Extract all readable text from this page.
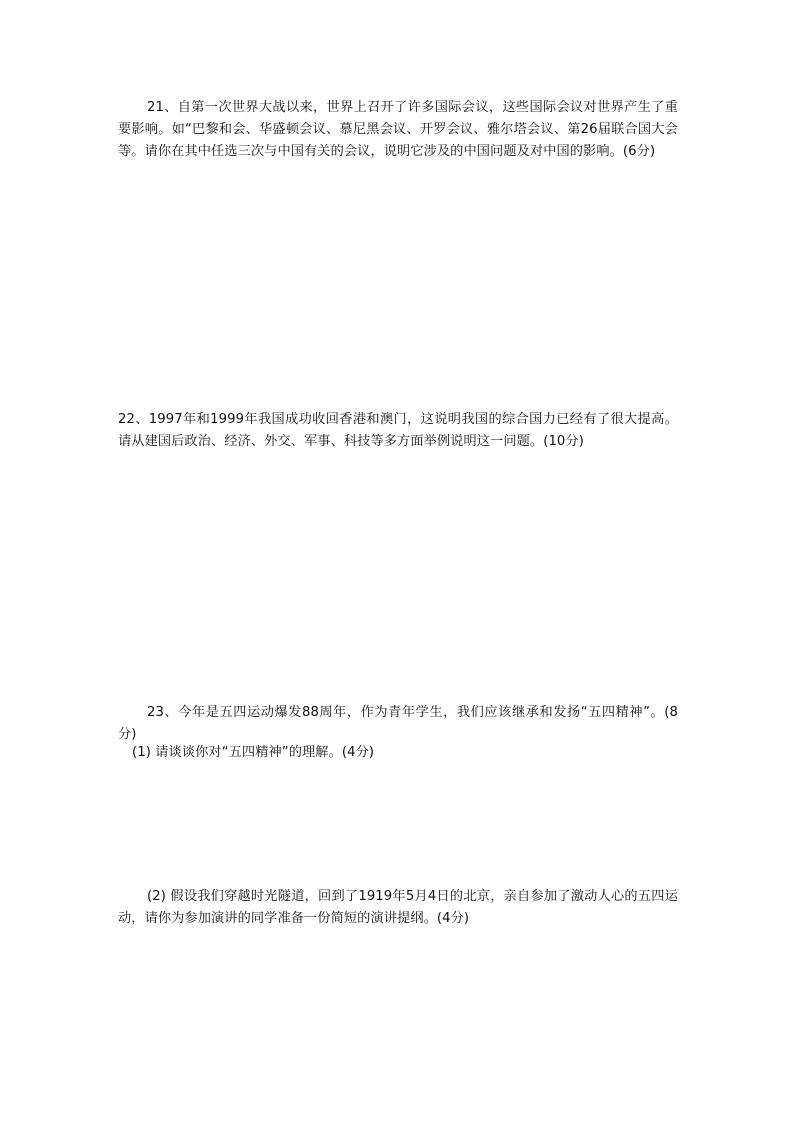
21、自第一次世界大战以来，世界上召开了许多国际会议，这些国际会议对世界产生了重要影响。如“巴黎和会、华盛顿会议、慕尼黑会议、开罗会议、雅尔塔会议、第26届联合国大会等。请你在其中任选三次与中国有关的会议，说明它涉及的中国问题及对中国的影响。(6分)

22、1997年和1999年我国成功收回香港和澳门，这说明我国的综合国力已经有了很大提高。请从建国后政治、经济、外交、军事、科技等多方面举例说明这一问题。(10分)

23、今年是五四运动爆发88周年，作为青年学生，我们应该继承和发扬“五四精神”。(8分)

(1) 请谈谈你对“五四精神”的理解。(4分)

(2) 假设我们穿越时光隧道，回到了1919年5月4日的北京，亲自参加了激动人心的五四运动，请你为参加演讲的同学准备一份简短的演讲提纲。(4分)
